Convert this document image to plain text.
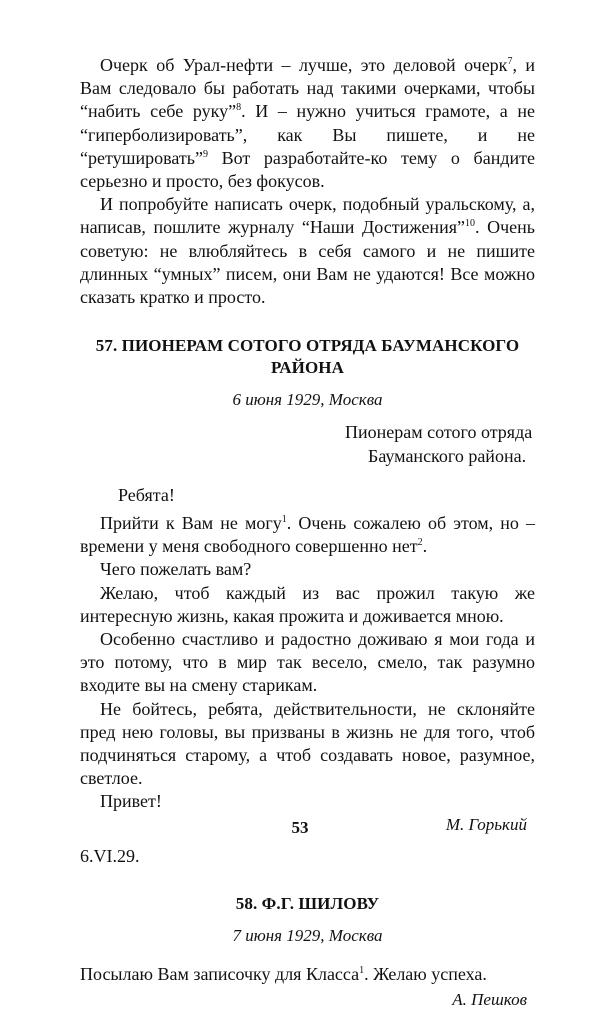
Очерк об Урал-нефти – лучше, это деловой очерк$^7$, и Вам следовало бы работать над такими очерками, чтобы “набить себе руку”$^8$. И – нужно учиться грамоте, а не “гиперболизировать”, как Вы пишете, и не “ретушировать”$^9$ Вот разработайте-ко тему о бандите серьезно и просто, без фокусов.

И попробуйте написать очерк, подобный уральскому, а, написав, пошлите журналу “Наши Достижения”$^{10}$. Очень советую: не влюбляйтесь в себя самого и не пишите длинных “умных” писем, они Вам не удаются! Все можно сказать кратко и просто.

57. ПИОНЕРАМ СОТОГО ОТРЯДА БАУМАНСКОГО РАЙОНА

6 июня 1929, Москва

Пионерам сотого отряда
Бауманского района.

Ребята!

Прийти к Вам не могу$^1$. Очень сожалею об этом, но – времени у меня свободного совершенно нет$^2$.

Чего пожелать вам?

Желаю, чтоб каждый из вас прожил такую же интересную жизнь, какая прожита и доживается мною.

Особенно счастливо и радостно доживаю я мои года и это потому, что в мир так весело, смело, так разумно входите вы на смену старикам.

Не бойтесь, ребята, действительности, не склоняйте пред нею головы, вы призваны в жизнь не для того, чтоб подчиняться старому, а чтоб создавать новое, разумное, светлое.

Привет!

М. Горький

6.VI.29.

58. Ф.Г. ШИЛОВУ

7 июня 1929, Москва

Посылаю Вам записочку для Класса$^1$. Желаю успеха.

А. Пешков

53
